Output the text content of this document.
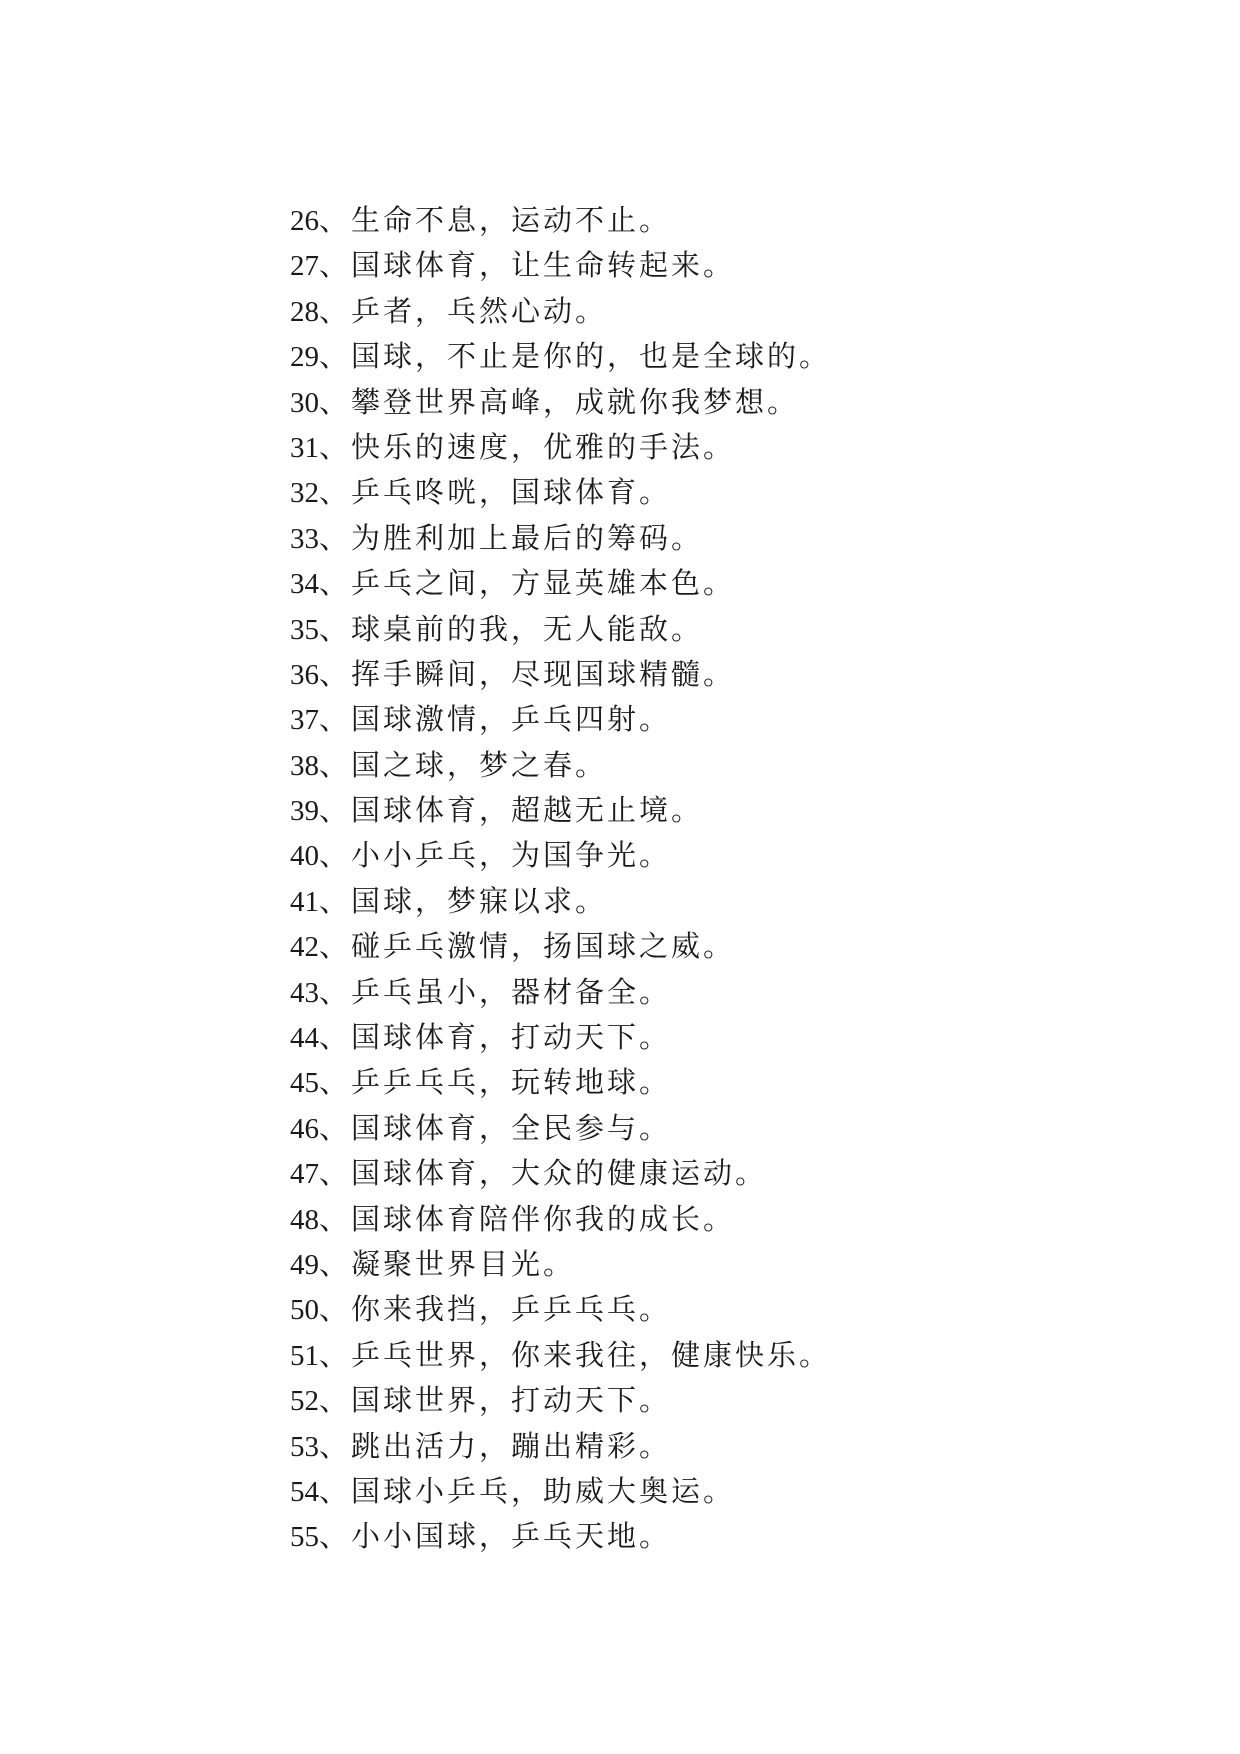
26、生命不息，运动不止。
27、国球体育，让生命转起来。
28、乒者，乓然心动。
29、国球，不止是你的，也是全球的。
30、攀登世界高峰，成就你我梦想。
31、快乐的速度，优雅的手法。
32、乒乓咚咣，国球体育。
33、为胜利加上最后的筹码。
34、乒乓之间，方显英雄本色。
35、球桌前的我，无人能敌。
36、挥手瞬间，尽现国球精髓。
37、国球激情，乒乓四射。
38、国之球，梦之春。
39、国球体育，超越无止境。
40、小小乒乓，为国争光。
41、国球，梦寐以求。
42、碰乒乓激情，扬国球之威。
43、乒乓虽小，器材备全。
44、国球体育，打动天下。
45、乒乒乓乓，玩转地球。
46、国球体育，全民参与。
47、国球体育，大众的健康运动。
48、国球体育陪伴你我的成长。
49、凝聚世界目光。
50、你来我挡，乒乒乓乓。
51、乒乓世界，你来我往，健康快乐。
52、国球世界，打动天下。
53、跳出活力，蹦出精彩。
54、国球小乒乓，助威大奥运。
55、小小国球，乒乓天地。
